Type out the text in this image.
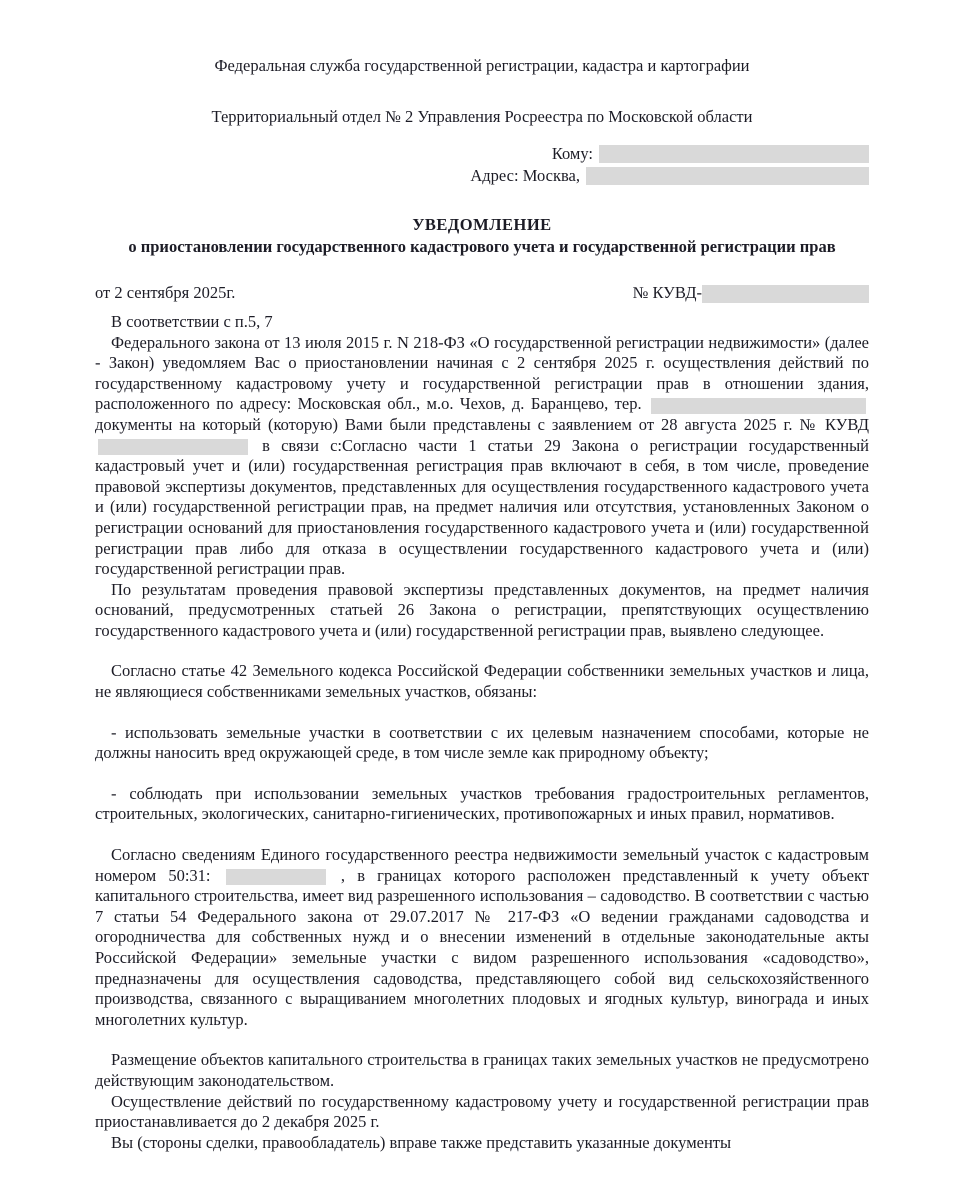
Федеральная служба государственной регистрации, кадастра и картографии
Территориальный отдел № 2 Управления Росреестра по Московской области
Кому:
Адрес: Москва,
УВЕДОМЛЕНИЕ
о приостановлении государственного кадастрового учета и государственной регистрации прав
от 2 сентября 2025г.	№ КУВД-

В соответствии с п.5, 7

Федерального закона от 13 июля 2015 г. N 218-ФЗ «О государственной регистрации недвижимости» (далее - Закон) уведомляем Вас о приостановлении начиная с 2 сентября 2025 г. осуществления действий по государственному кадастровому учету и государственной регистрации прав в отношении здания, расположенного по адресу: Московская обл., м.о. Чехов, д. Баранцево, тер.  документы на который (которую) Вами были представлены с заявлением от 28 августа 2025 г. № КУВД  в связи с:Согласно части 1 статьи 29 Закона о регистрации государственный кадастровый учет и (или) государственная регистрация прав включают в себя, в том числе, проведение правовой экспертизы документов, представленных для осуществления государственного кадастрового учета и (или) государственной регистрации прав, на предмет наличия или отсутствия, установленных Законом о регистрации оснований для приостановления государственного кадастрового учета и (или) государственной регистрации прав либо для отказа в осуществлении государственного кадастрового учета и (или) государственной регистрации прав.

По результатам проведения правовой экспертизы представленных документов, на предмет наличия оснований, предусмотренных статьей 26 Закона о регистрации, препятствующих осуществлению государственного кадастрового учета и (или) государственной регистрации прав, выявлено следующее.

Согласно статье 42 Земельного кодекса Российской Федерации собственники земельных участков и лица, не являющиеся собственниками земельных участков, обязаны:

- использовать земельные участки в соответствии с их целевым назначением способами, которые не должны наносить вред окружающей среде, в том числе земле как природному объекту;

- соблюдать при использовании земельных участков требования градостроительных регламентов, строительных, экологических, санитарно-гигиенических, противопожарных и иных правил, нормативов.

Согласно сведениям Единого государственного реестра недвижимости земельный участок с кадастровым номером 50:31:	, в границах которого расположен представленный к учету объект капитального строительства, имеет вид разрешенного использования – садоводство. В соответствии с частью 7 статьи 54 Федерального закона от 29.07.2017 № 217-ФЗ «О ведении гражданами садоводства и огородничества для собственных нужд и о внесении изменений в отдельные законодательные акты Российской Федерации» земельные участки с видом разрешенного использования «садоводство», предназначены для осуществления садоводства, представляющего собой вид сельскохозяйственного производства, связанного с выращиванием многолетних плодовых и ягодных культур, винограда и иных многолетних культур.

Размещение объектов капитального строительства в границах таких земельных участков не предусмотрено действующим законодательством.

Осуществление действий по государственному кадастровому учету и государственной регистрации прав приостанавливается до 2 декабря 2025 г.

Вы (стороны сделки, правообладатель) вправе также представить указанные документы
